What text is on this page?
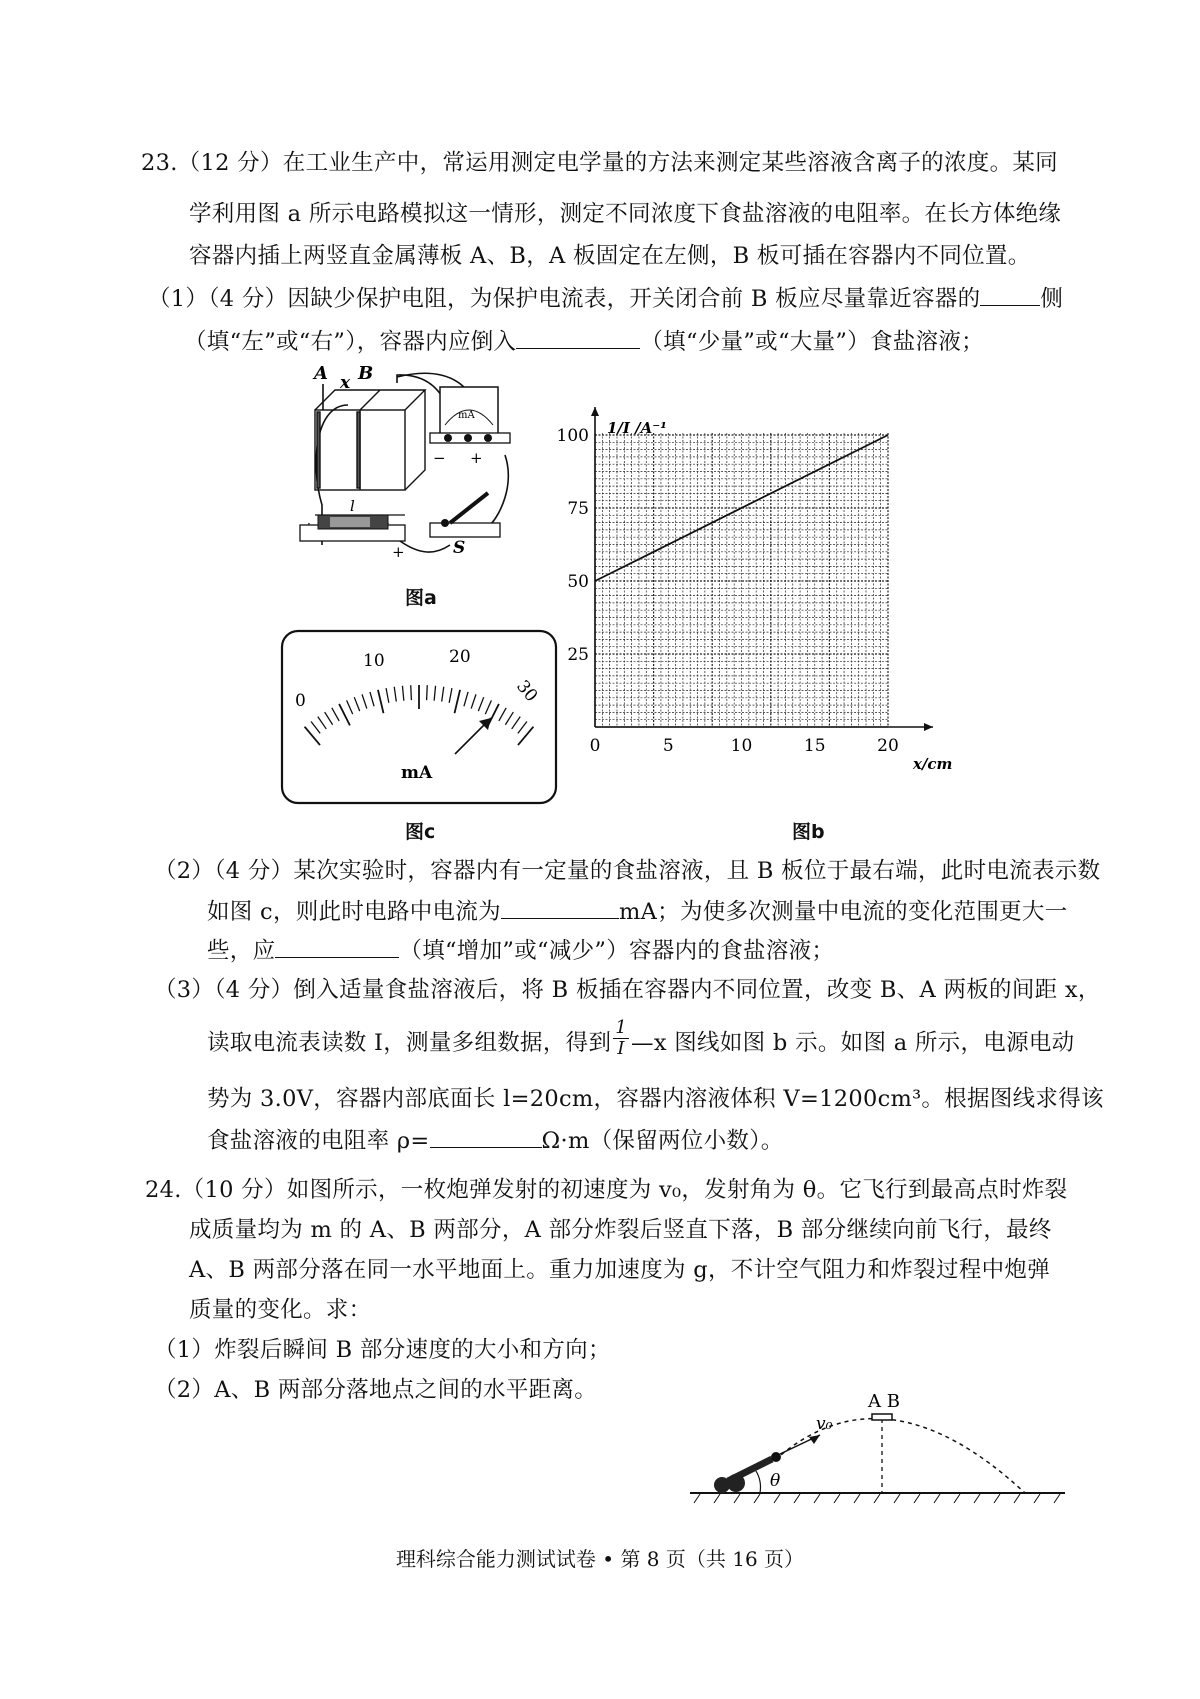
23.（12 分）在工业生产中，常运用测定电学量的方法来测定某些溶液含离子的浓度。某同
学利用图 a 所示电路模拟这一情形，测定不同浓度下食盐溶液的电阻率。在长方体绝缘
容器内插上两竖直金属薄板 A、B，A 板固定在左侧，B 板可插在容器内不同位置。
（1）（4 分）因缺少保护电阻，为保护电流表，开关闭合前 B 板应尽量靠近容器的	侧
（填“左”或“右”），容器内应倒入	（填“少量”或“大量”）食盐溶液；
A B
x
l
mA
− +
+	S
图a
0
10	20
30
mA
图c
1/I /A⁻¹
x/cm
0	5	10	15	20
25
50
75
100
图b
（2）（4 分）某次实验时，容器内有一定量的食盐溶液，且 B 板位于最右端，此时电流表示数
如图 c，则此时电路中电流为	mA；为使多次测量中电流的变化范围更大一
些，应	（填“增加”或“减少”）容器内的食盐溶液；
（3）（4 分）倒入适量食盐溶液后，将 B 板插在容器内不同位置，改变 B、A 两板的间距 x，
读取电流表读数 I，测量多组数据，得到 $\frac{1}{I}$ —x 图线如图 b 示。如图 a 所示，电源电动
势为 3.0V，容器内部底面长 l=20cm，容器内溶液体积 V=1200cm³。根据图线求得该
食盐溶液的电阻率 ρ=	Ω·m（保留两位小数）。
24.（10 分）如图所示，一枚炮弹发射的初速度为 v₀，发射角为 θ。它飞行到最高点时炸裂
成质量均为 m 的 A、B 两部分，A 部分炸裂后竖直下落，B 部分继续向前飞行，最终
A、B 两部分落在同一水平地面上。重力加速度为 g，不计空气阻力和炸裂过程中炮弹
质量的变化。求：
（1）炸裂后瞬间 B 部分速度的大小和方向；
（2）A、B 两部分落地点之间的水平距离。
θ
v₀
A B
理科综合能力测试试卷 • 第 8 页（共 16 页）
